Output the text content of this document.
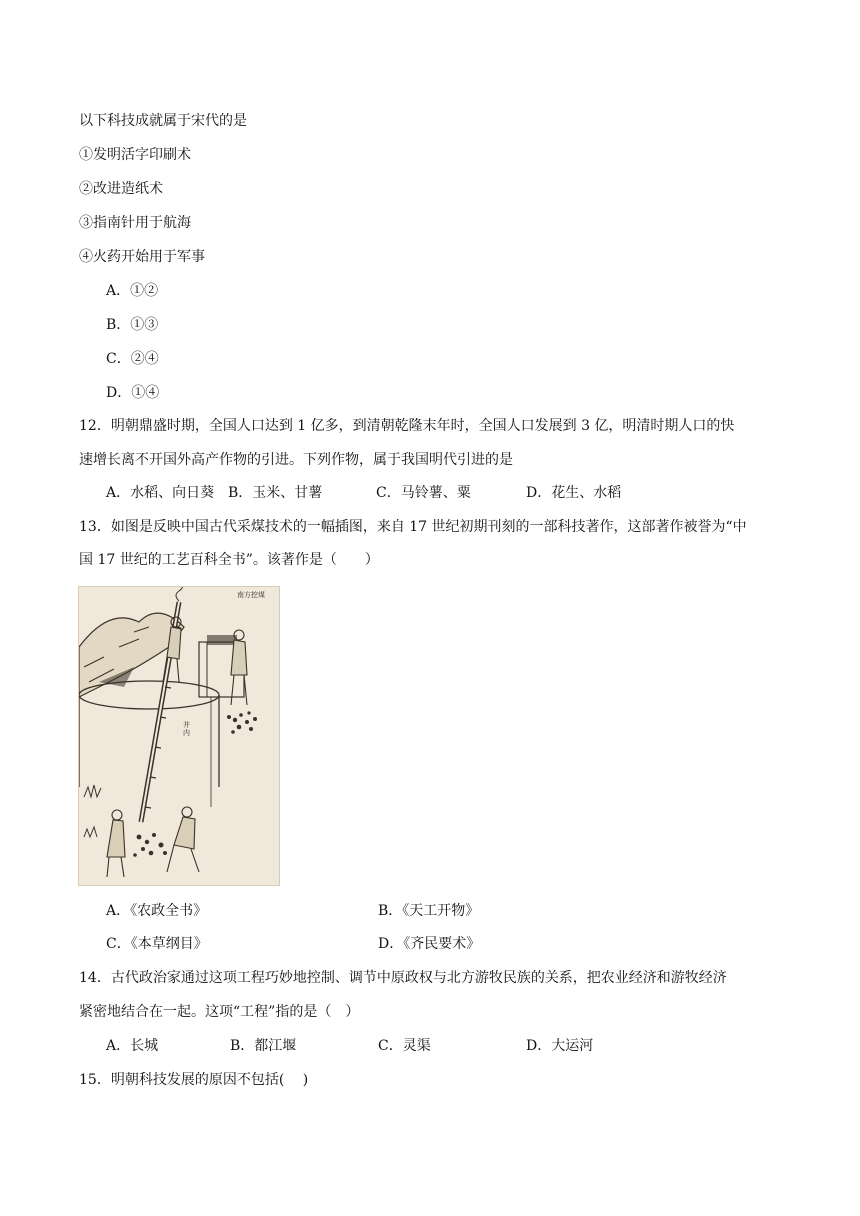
以下科技成就属于宋代的是
①发明活字印刷术
②改进造纸术
③指南针用于航海
④火药开始用于军事
A．①②
B．①③
C．②④
D．①④
12．明朝鼎盛时期，全国人口达到 1 亿多，到清朝乾隆末年时，全国人口发展到 3 亿，明清时期人口的快
速增长离不开国外高产作物的引进。下列作物，属于我国明代引进的是
A．水稻、向日葵 B．玉米、甘薯	C．马铃薯、粟	D．花生、水稻
13．如图是反映中国古代采煤技术的一幅插图，来自 17 世纪初期刊刻的一部科技著作，这部著作被誉为“中
国 17 世纪的工艺百科全书”。该著作是（　　）
南方挖煤
井内
A．《农政全书》	B．《天工开物》
C．《本草纲目》	D．《齐民要术》
14．古代政治家通过这项工程巧妙地控制、调节中原政权与北方游牧民族的关系，把农业经济和游牧经济
紧密地结合在一起。这项“工程”指的是（　）
A．长城	B．都江堰	C．灵渠	D．大运河
15．明朝科技发展的原因不包括(　 )
